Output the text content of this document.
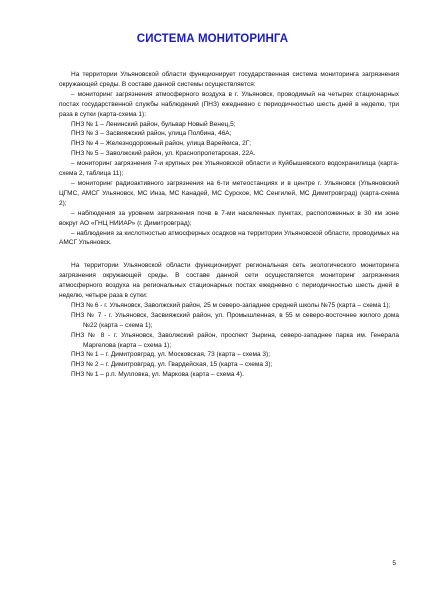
СИСТЕМА МОНИТОРИНГА

На территории Ульяновской области функционирует государственная система мониторинга загрязнения окружающей среды. В составе данной системы осуществляется:

– мониторинг загрязнения атмосферного воздуха в г. Ульяновск, проводимый на четырех стационарных постах государственной службы наблюдений (ПНЗ) ежедневно с периодичностью шесть дней в неделю, три раза в сутки (карта-схема 1):

ПНЗ № 1 – Ленинский район, бульвар Новый Венец,5;

ПНЗ № 3 – Засвияжский район, улица Полбина, 46А;

ПНЗ № 4 – Железнодорожный район, улица Варейкиса, 2Г;

ПНЗ № 5 – Заволжский район, ул. Краснопролетарская, 22А.

– мониторинг загрязнения 7-и крупных рек Ульяновской области и Куйбышевского водохранилища (карта-схема 2, таблица 11);

– мониторинг радиоактивного загрязнения на 6-ти метеостанциях и в центре г. Ульяновск (Ульяновский ЦГМС, АМСГ Ульяновск, МС Инза, МС Канадей, МС Сурское, МС Сенгилей, МС Димитровград) (карта-схема 2);

– наблюдения за уровнем загрязнения почв в 7-ми населенных пунктах, расположенных в 30 км зоне вокруг АО «ГНЦ НИИАР» (г. Димитровград);

– наблюдения за кислотностью атмосферных осадков на территории Ульяновской области, проводимых на АМСГ Ульяновск.

На территории Ульяновской области функционирует региональная сеть экологического мониторинга загрязнения окружающей среды. В составе данной сети осуществляется мониторинг загрязнения атмосферного воздуха на региональных стационарных постах ежедневно с периодичностью шесть дней в неделю, четыре раза в сутки:

ПНЗ № 6 - г. Ульяновск, Заволжский район, 25 м северо-западнее средней школы №75 (карта – схема 1);

ПНЗ № 7 - г. Ульяновск, Засвияжский район, ул. Промышленная, в 55 м северо-восточнее жилого дома №22 (карта – схема 1);

ПНЗ № 8 - г. Ульяновск, Заволжский район, проспект Зырина, северо-западнее парка им. Генерала Маргелова (карта – схема 1);

ПНЗ № 1 – г. Димитровград, ул. Московская, 73 (карта – схема 3);

ПНЗ № 2 – г. Димитровград, ул. Гвардейская, 15 (карта – схема 3);

ПНЗ № 1 – р.п. Мулловка, ул. Маркова (карта – схема 4).

5
